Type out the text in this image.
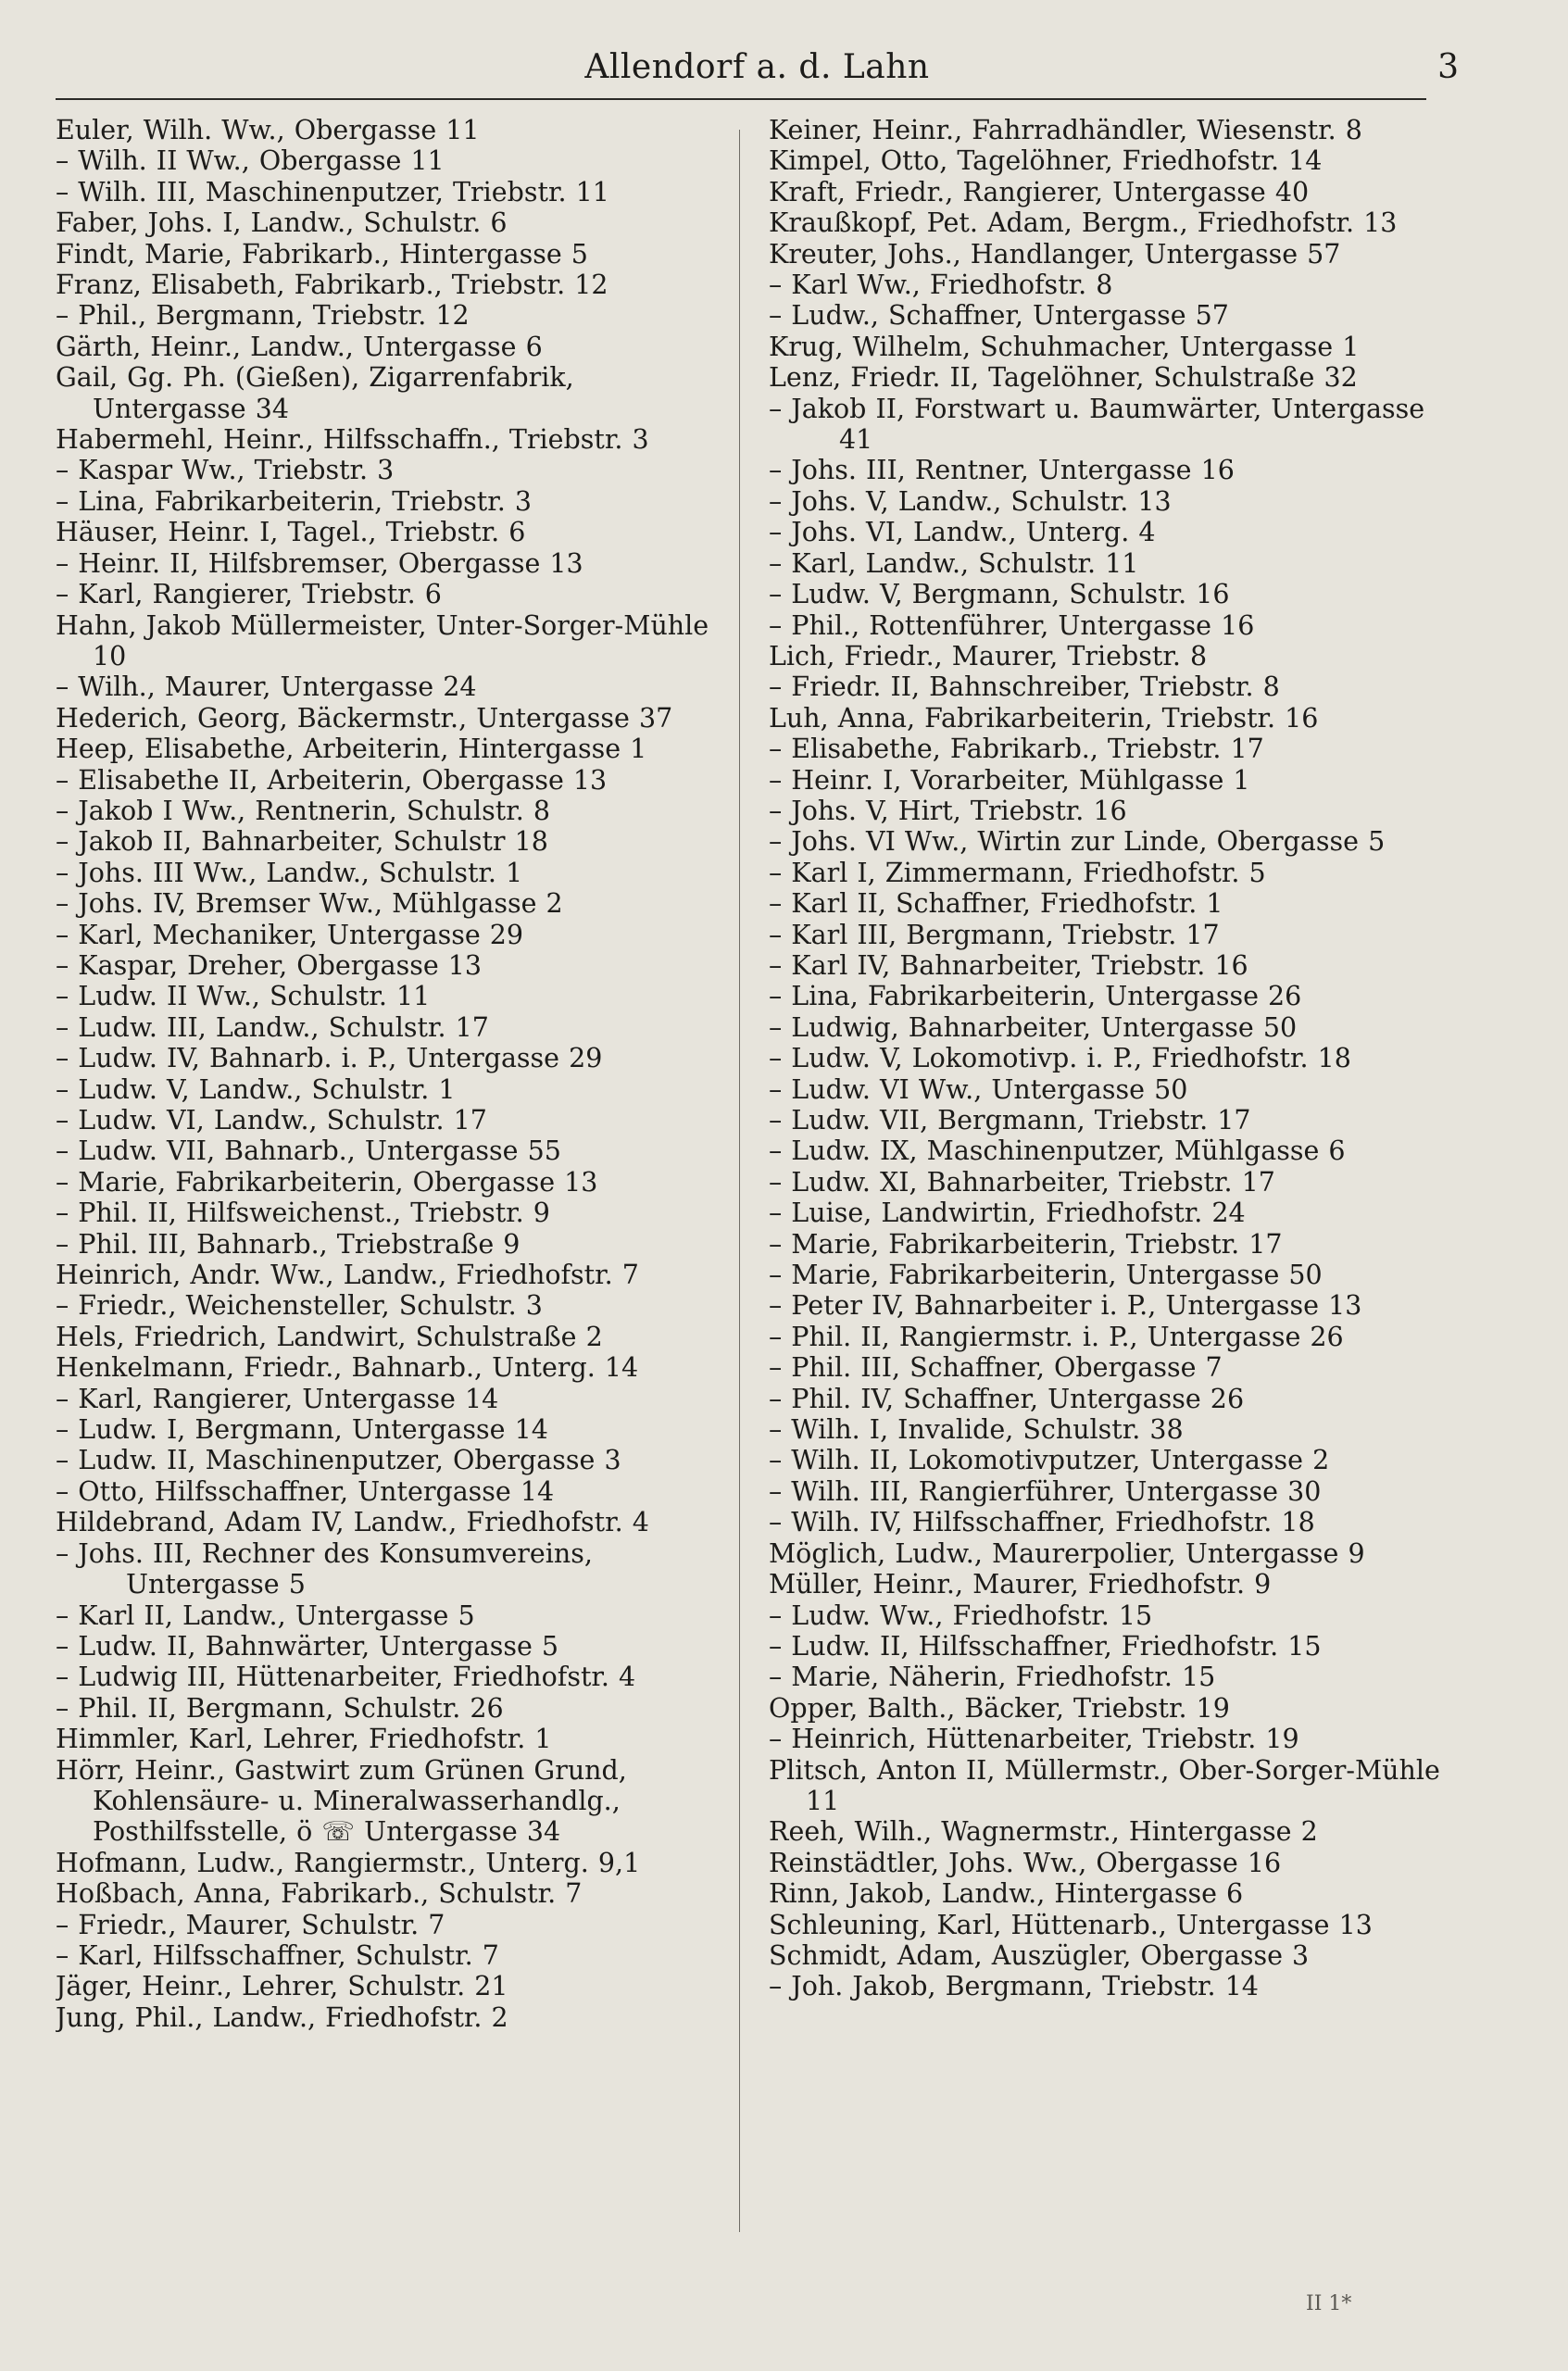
Allendorf a. d. Lahn	3
Euler, Wilh. Ww., Obergasse 11
– Wilh. II Ww., Obergasse 11
– Wilh. III, Maschinenputzer, Triebstr. 11
Faber, Johs. I, Landw., Schulstr. 6
Findt, Marie, Fabrikarb., Hintergasse 5
Franz, Elisabeth, Fabrikarb., Triebstr. 12
– Phil., Bergmann, Triebstr. 12
Gärth, Heinr., Landw., Untergasse 6
Gail, Gg. Ph. (Gießen), Zigarrenfabrik, Untergasse 34
Habermehl, Heinr., Hilfsschaffn., Triebstr. 3
– Kaspar Ww., Triebstr. 3
– Lina, Fabrikarbeiterin, Triebstr. 3
Häuser, Heinr. I, Tagel., Triebstr. 6
– Heinr. II, Hilfsbremser, Obergasse 13
– Karl, Rangierer, Triebstr. 6
Hahn, Jakob Müllermeister, Unter-Sorger-Mühle 10
– Wilh., Maurer, Untergasse 24
Hederich, Georg, Bäckermstr., Untergasse 37
Heep, Elisabethe, Arbeiterin, Hintergasse 1
– Elisabethe II, Arbeiterin, Obergasse 13
– Jakob I Ww., Rentnerin, Schulstr. 8
– Jakob II, Bahnarbeiter, Schulstr 18
– Johs. III Ww., Landw., Schulstr. 1
– Johs. IV, Bremser Ww., Mühlgasse 2
– Karl, Mechaniker, Untergasse 29
– Kaspar, Dreher, Obergasse 13
– Ludw. II Ww., Schulstr. 11
– Ludw. III, Landw., Schulstr. 17
– Ludw. IV, Bahnarb. i. P., Untergasse 29
– Ludw. V, Landw., Schulstr. 1
– Ludw. VI, Landw., Schulstr. 17
– Ludw. VII, Bahnarb., Untergasse 55
– Marie, Fabrikarbeiterin, Obergasse 13
– Phil. II, Hilfsweichenst., Triebstr. 9
– Phil. III, Bahnarb., Triebstraße 9
Heinrich, Andr. Ww., Landw., Friedhofstr. 7
– Friedr., Weichensteller, Schulstr. 3
Hels, Friedrich, Landwirt, Schulstraße 2
Henkelmann, Friedr., Bahnarb., Unterg. 14
– Karl, Rangierer, Untergasse 14
– Ludw. I, Bergmann, Untergasse 14
– Ludw. II, Maschinenputzer, Obergasse 3
– Otto, Hilfsschaffner, Untergasse 14
Hildebrand, Adam IV, Landw., Friedhofstr. 4
– Johs. III, Rechner des Konsumvereins, Untergasse 5
– Karl II, Landw., Untergasse 5
– Ludw. II, Bahnwärter, Untergasse 5
– Ludwig III, Hüttenarbeiter, Friedhofstr. 4
– Phil. II, Bergmann, Schulstr. 26
Himmler, Karl, Lehrer, Friedhofstr. 1
Hörr, Heinr., Gastwirt zum Grünen Grund, Kohlensäure- u. Mineralwasserhandlg., Posthilfsstelle, ö ☏ Untergasse 34
Hofmann, Ludw., Rangiermstr., Unterg. 9,1
Hoßbach, Anna, Fabrikarb., Schulstr. 7
– Friedr., Maurer, Schulstr. 7
– Karl, Hilfsschaffner, Schulstr. 7
Jäger, Heinr., Lehrer, Schulstr. 21
Jung, Phil., Landw., Friedhofstr. 2
Keiner, Heinr., Fahrradhändler, Wiesenstr. 8
Kimpel, Otto, Tagelöhner, Friedhofstr. 14
Kraft, Friedr., Rangierer, Untergasse 40
Kraußkopf, Pet. Adam, Bergm., Friedhofstr. 13
Kreuter, Johs., Handlanger, Untergasse 57
– Karl Ww., Friedhofstr. 8
– Ludw., Schaffner, Untergasse 57
Krug, Wilhelm, Schuhmacher, Untergasse 1
Lenz, Friedr. II, Tagelöhner, Schulstraße 32
– Jakob II, Forstwart u. Baumwärter, Untergasse 41
– Johs. III, Rentner, Untergasse 16
– Johs. V, Landw., Schulstr. 13
– Johs. VI, Landw., Unterg. 4
– Karl, Landw., Schulstr. 11
– Ludw. V, Bergmann, Schulstr. 16
– Phil., Rottenführer, Untergasse 16
Lich, Friedr., Maurer, Triebstr. 8
– Friedr. II, Bahnschreiber, Triebstr. 8
Luh, Anna, Fabrikarbeiterin, Triebstr. 16
– Elisabethe, Fabrikarb., Triebstr. 17
– Heinr. I, Vorarbeiter, Mühlgasse 1
– Johs. V, Hirt, Triebstr. 16
– Johs. VI Ww., Wirtin zur Linde, Obergasse 5
– Karl I, Zimmermann, Friedhofstr. 5
– Karl II, Schaffner, Friedhofstr. 1
– Karl III, Bergmann, Triebstr. 17
– Karl IV, Bahnarbeiter, Triebstr. 16
– Lina, Fabrikarbeiterin, Untergasse 26
– Ludwig, Bahnarbeiter, Untergasse 50
– Ludw. V, Lokomotivp. i. P., Friedhofstr. 18
– Ludw. VI Ww., Untergasse 50
– Ludw. VII, Bergmann, Triebstr. 17
– Ludw. IX, Maschinenputzer, Mühlgasse 6
– Ludw. XI, Bahnarbeiter, Triebstr. 17
– Luise, Landwirtin, Friedhofstr. 24
– Marie, Fabrikarbeiterin, Triebstr. 17
– Marie, Fabrikarbeiterin, Untergasse 50
– Peter IV, Bahnarbeiter i. P., Untergasse 13
– Phil. II, Rangiermstr. i. P., Untergasse 26
– Phil. III, Schaffner, Obergasse 7
– Phil. IV, Schaffner, Untergasse 26
– Wilh. I, Invalide, Schulstr. 38
– Wilh. II, Lokomotivputzer, Untergasse 2
– Wilh. III, Rangierführer, Untergasse 30
– Wilh. IV, Hilfsschaffner, Friedhofstr. 18
Möglich, Ludw., Maurerpolier, Untergasse 9
Müller, Heinr., Maurer, Friedhofstr. 9
– Ludw. Ww., Friedhofstr. 15
– Ludw. II, Hilfsschaffner, Friedhofstr. 15
– Marie, Näherin, Friedhofstr. 15
Opper, Balth., Bäcker, Triebstr. 19
– Heinrich, Hüttenarbeiter, Triebstr. 19
Plitsch, Anton II, Müllermstr., Ober-Sorger-Mühle 11
Reeh, Wilh., Wagnermstr., Hintergasse 2
Reinstädtler, Johs. Ww., Obergasse 16
Rinn, Jakob, Landw., Hintergasse 6
Schleuning, Karl, Hüttenarb., Untergasse 13
Schmidt, Adam, Auszügler, Obergasse 3
– Joh. Jakob, Bergmann, Triebstr. 14
II 1*
